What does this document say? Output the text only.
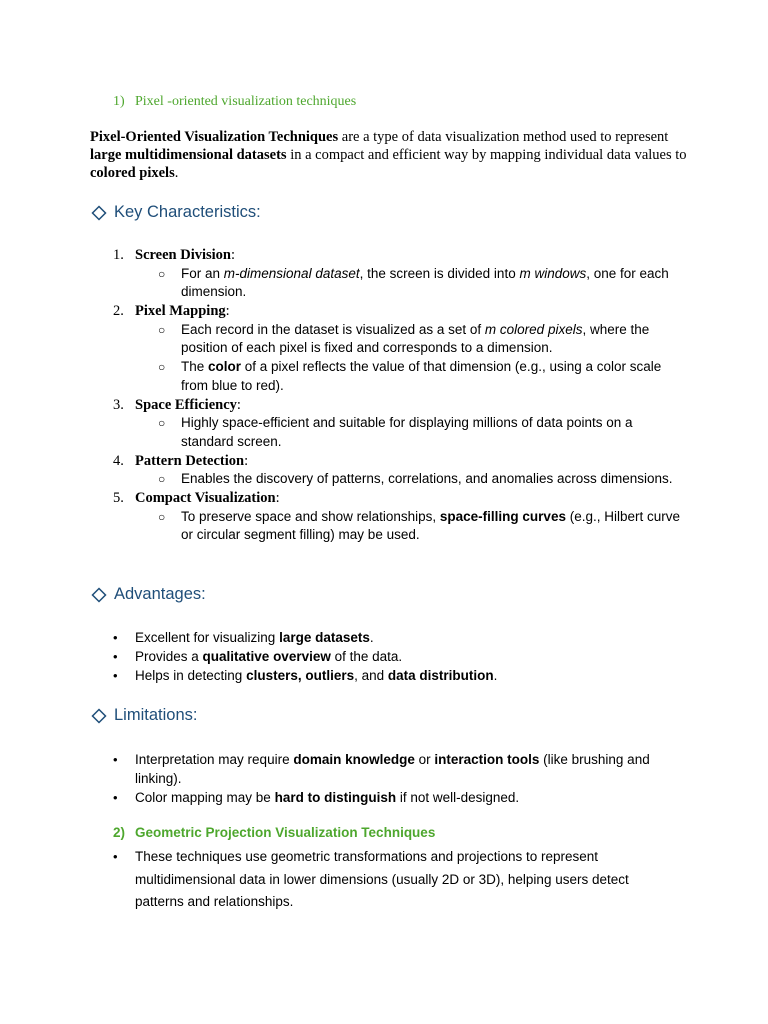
1) Pixel -oriented visualization techniques
Pixel-Oriented Visualization Techniques are a type of data visualization method used to represent large multidimensional datasets in a compact and efficient way by mapping individual data values to colored pixels.
Key Characteristics:
1. Screen Division:
○ For an m-dimensional dataset, the screen is divided into m windows, one for each dimension.
2. Pixel Mapping:
○ Each record in the dataset is visualized as a set of m colored pixels, where the position of each pixel is fixed and corresponds to a dimension.
○ The color of a pixel reflects the value of that dimension (e.g., using a color scale from blue to red).
3. Space Efficiency:
○ Highly space-efficient and suitable for displaying millions of data points on a standard screen.
4. Pattern Detection:
○ Enables the discovery of patterns, correlations, and anomalies across dimensions.
5. Compact Visualization:
○ To preserve space and show relationships, space-filling curves (e.g., Hilbert curve or circular segment filling) may be used.
Advantages:
• Excellent for visualizing large datasets.
• Provides a qualitative overview of the data.
• Helps in detecting clusters, outliers, and data distribution.
Limitations:
• Interpretation may require domain knowledge or interaction tools (like brushing and linking).
• Color mapping may be hard to distinguish if not well-designed.
2) Geometric Projection Visualization Techniques
• These techniques use geometric transformations and projections to represent multidimensional data in lower dimensions (usually 2D or 3D), helping users detect patterns and relationships.
